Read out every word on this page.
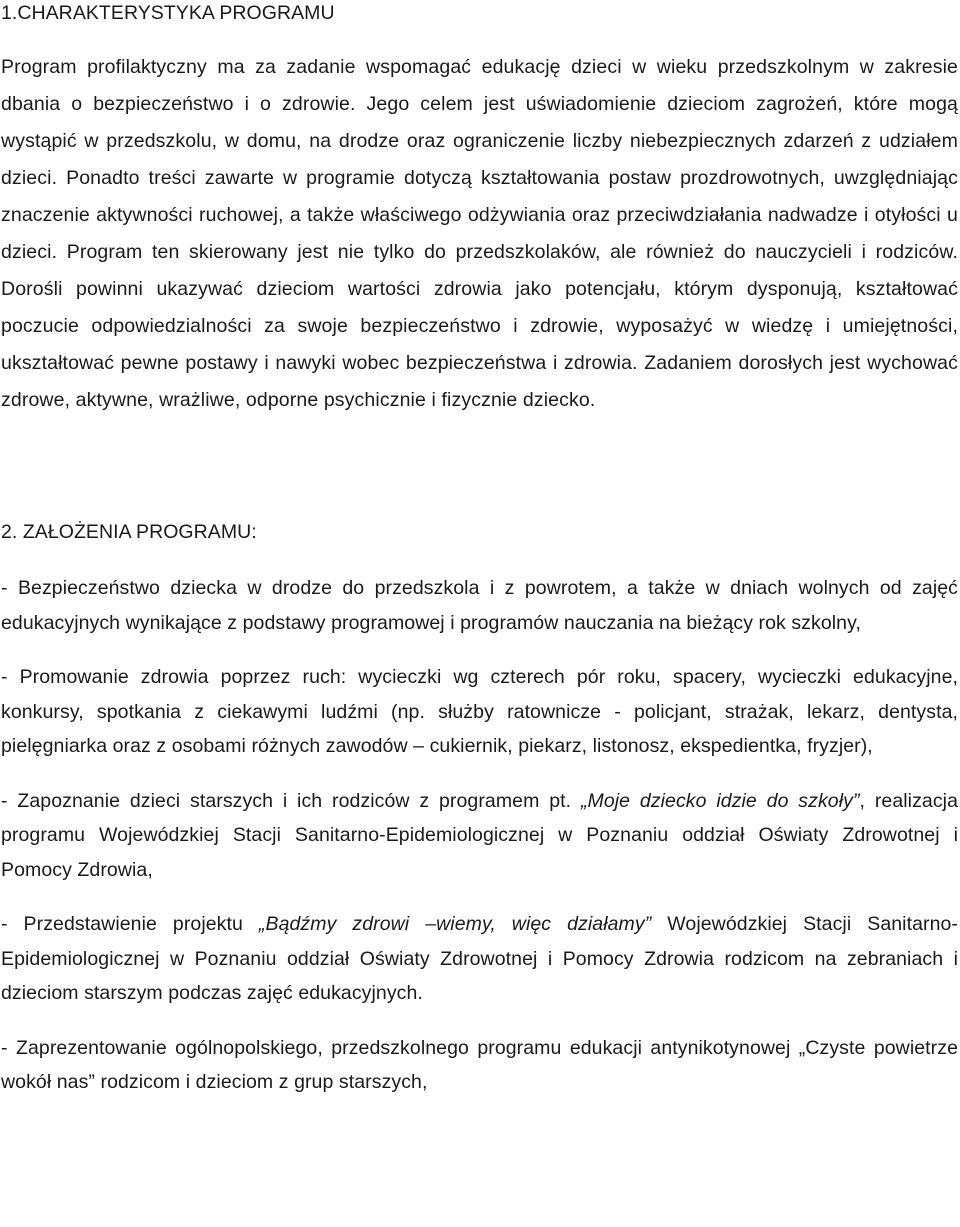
1.CHARAKTERYSTYKA PROGRAMU

Program profilaktyczny ma za zadanie wspomagać edukację dzieci w wieku przedszkolnym w zakresie dbania o bezpieczeństwo i o zdrowie. Jego celem jest uświadomienie dzieciom zagrożeń, które mogą wystąpić w przedszkolu, w domu, na drodze oraz ograniczenie liczby niebezpiecznych zdarzeń z udziałem dzieci. Ponadto treści zawarte w programie dotyczą kształtowania postaw prozdrowotnych, uwzględniając znaczenie aktywności ruchowej, a także właściwego odżywiania oraz przeciwdziałania nadwadze i otyłości u dzieci. Program ten skierowany jest nie tylko do przedszkolaków, ale również do nauczycieli i rodziców. Dorośli powinni ukazywać dzieciom wartości zdrowia jako potencjału, którym dysponują, kształtować poczucie odpowiedzialności za swoje bezpieczeństwo i zdrowie, wyposażyć w wiedzę i umiejętności, ukształtować pewne postawy i nawyki wobec bezpieczeństwa i zdrowia. Zadaniem dorosłych jest wychować zdrowe, aktywne, wrażliwe, odporne psychicznie i fizycznie dziecko.

2. ZAŁOŻENIA PROGRAMU:

- Bezpieczeństwo dziecka w drodze do przedszkola i z powrotem, a także w dniach wolnych od zajęć edukacyjnych wynikające z podstawy programowej i programów nauczania na bieżący rok szkolny,

- Promowanie zdrowia poprzez ruch: wycieczki wg czterech pór roku, spacery, wycieczki edukacyjne, konkursy, spotkania z ciekawymi ludźmi (np. służby ratownicze - policjant, strażak, lekarz, dentysta, pielęgniarka oraz z osobami różnych zawodów – cukiernik, piekarz, listonosz, ekspedientka, fryzjer),

- Zapoznanie dzieci starszych i ich rodziców z programem pt. „Moje dziecko idzie do szkoły”, realizacja programu Wojewódzkiej Stacji Sanitarno-Epidemiologicznej w Poznaniu oddział Oświaty Zdrowotnej i Pomocy Zdrowia,

- Przedstawienie projektu „Bądźmy zdrowi –wiemy, więc działamy” Wojewódzkiej Stacji Sanitarno-Epidemiologicznej w Poznaniu oddział Oświaty Zdrowotnej i Pomocy Zdrowia rodzicom na zebraniach i dzieciom starszym podczas zajęć edukacyjnych.

- Zaprezentowanie ogólnopolskiego, przedszkolnego programu edukacji antynikotynowej „Czyste powietrze wokół nas” rodzicom i dzieciom z grup starszych,
